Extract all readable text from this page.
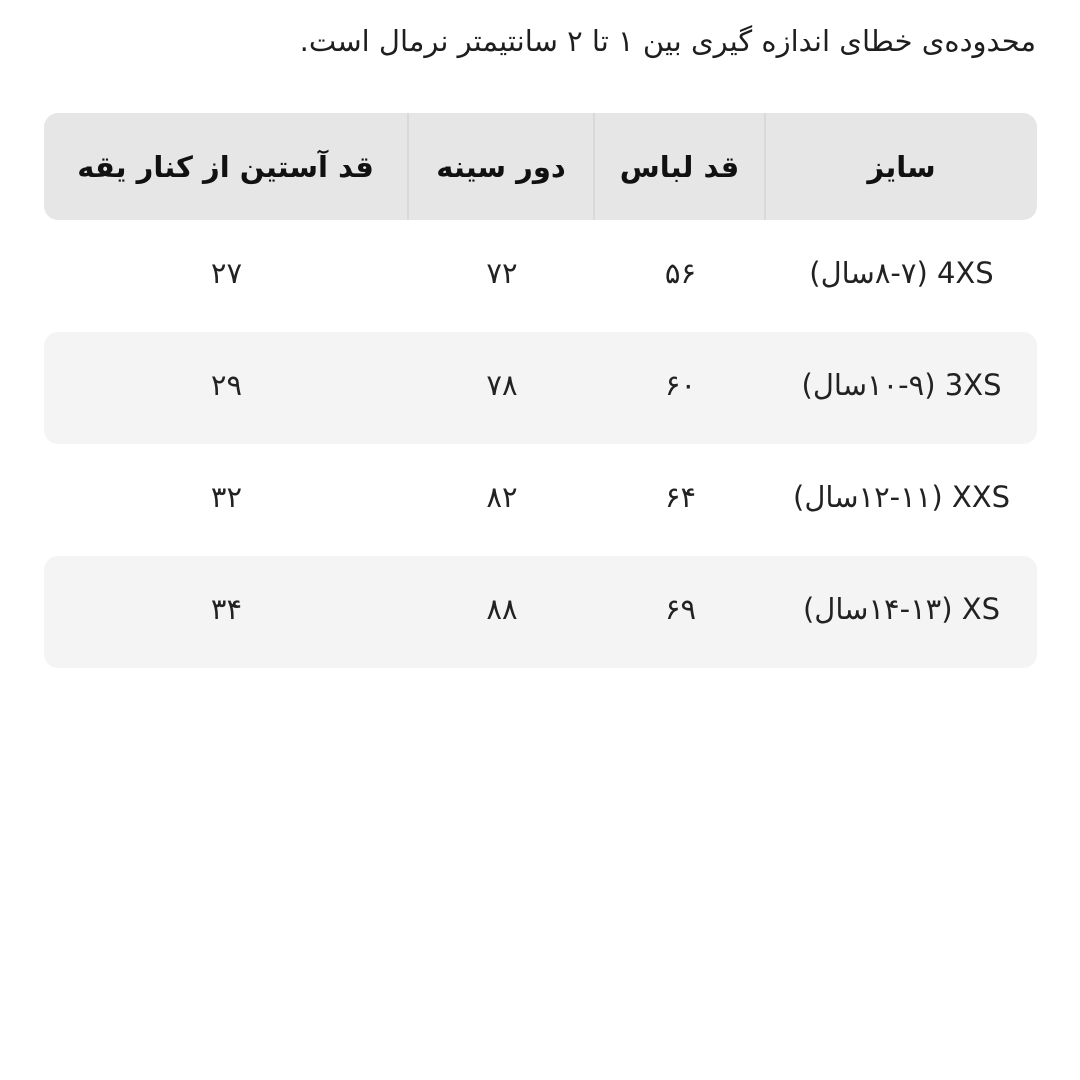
محدوده‌ی خطای اندازه گیری بین ۱ تا ۲ سانتیمتر نرمال است.
سایز
قد لباس
دور سینه
قد آستین از کنار یقه
4XS (۸-۷سال)
۵۶
۷۲
۲۷
3XS (۱۰-۹سال)
۶۰
۷۸
۲۹
XXS (۱۲-۱۱سال)
۶۴
۸۲
۳۲
XS (۱۴-۱۳سال)
۶۹
۸۸
۳۴
